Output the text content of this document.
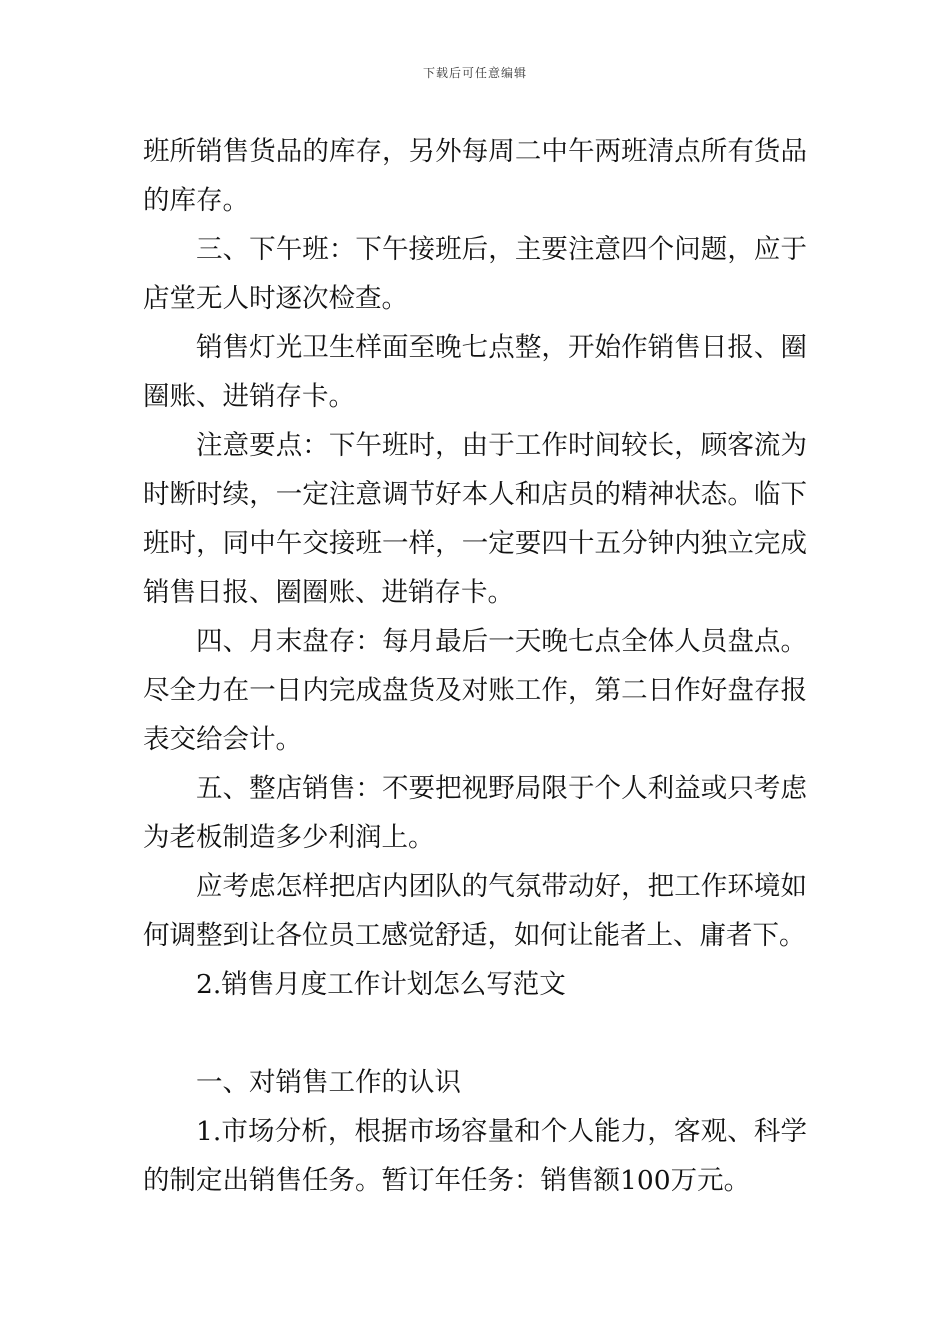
下载后可任意编辑

班所销售货品的库存，另外每周二中午两班清点所有货品的库存。

三、下午班：下午接班后，主要注意四个问题，应于店堂无人时逐次检查。

销售灯光卫生样面至晚七点整，开始作销售日报、圈圈账、进销存卡。

注意要点：下午班时，由于工作时间较长，顾客流为时断时续，一定注意调节好本人和店员的精神状态。临下班时，同中午交接班一样，一定要四十五分钟内独立完成销售日报、圈圈账、进销存卡。

四、月末盘存：每月最后一天晚七点全体人员盘点。尽全力在一日内完成盘货及对账工作，第二日作好盘存报表交给会计。

五、整店销售：不要把视野局限于个人利益或只考虑为老板制造多少利润上。

应考虑怎样把店内团队的气氛带动好，把工作环境如何调整到让各位员工感觉舒适，如何让能者上、庸者下。

2.销售月度工作计划怎么写范文

一、对销售工作的认识

1.市场分析，根据市场容量和个人能力，客观、科学的制定出销售任务。暂订年任务：销售额100万元。
